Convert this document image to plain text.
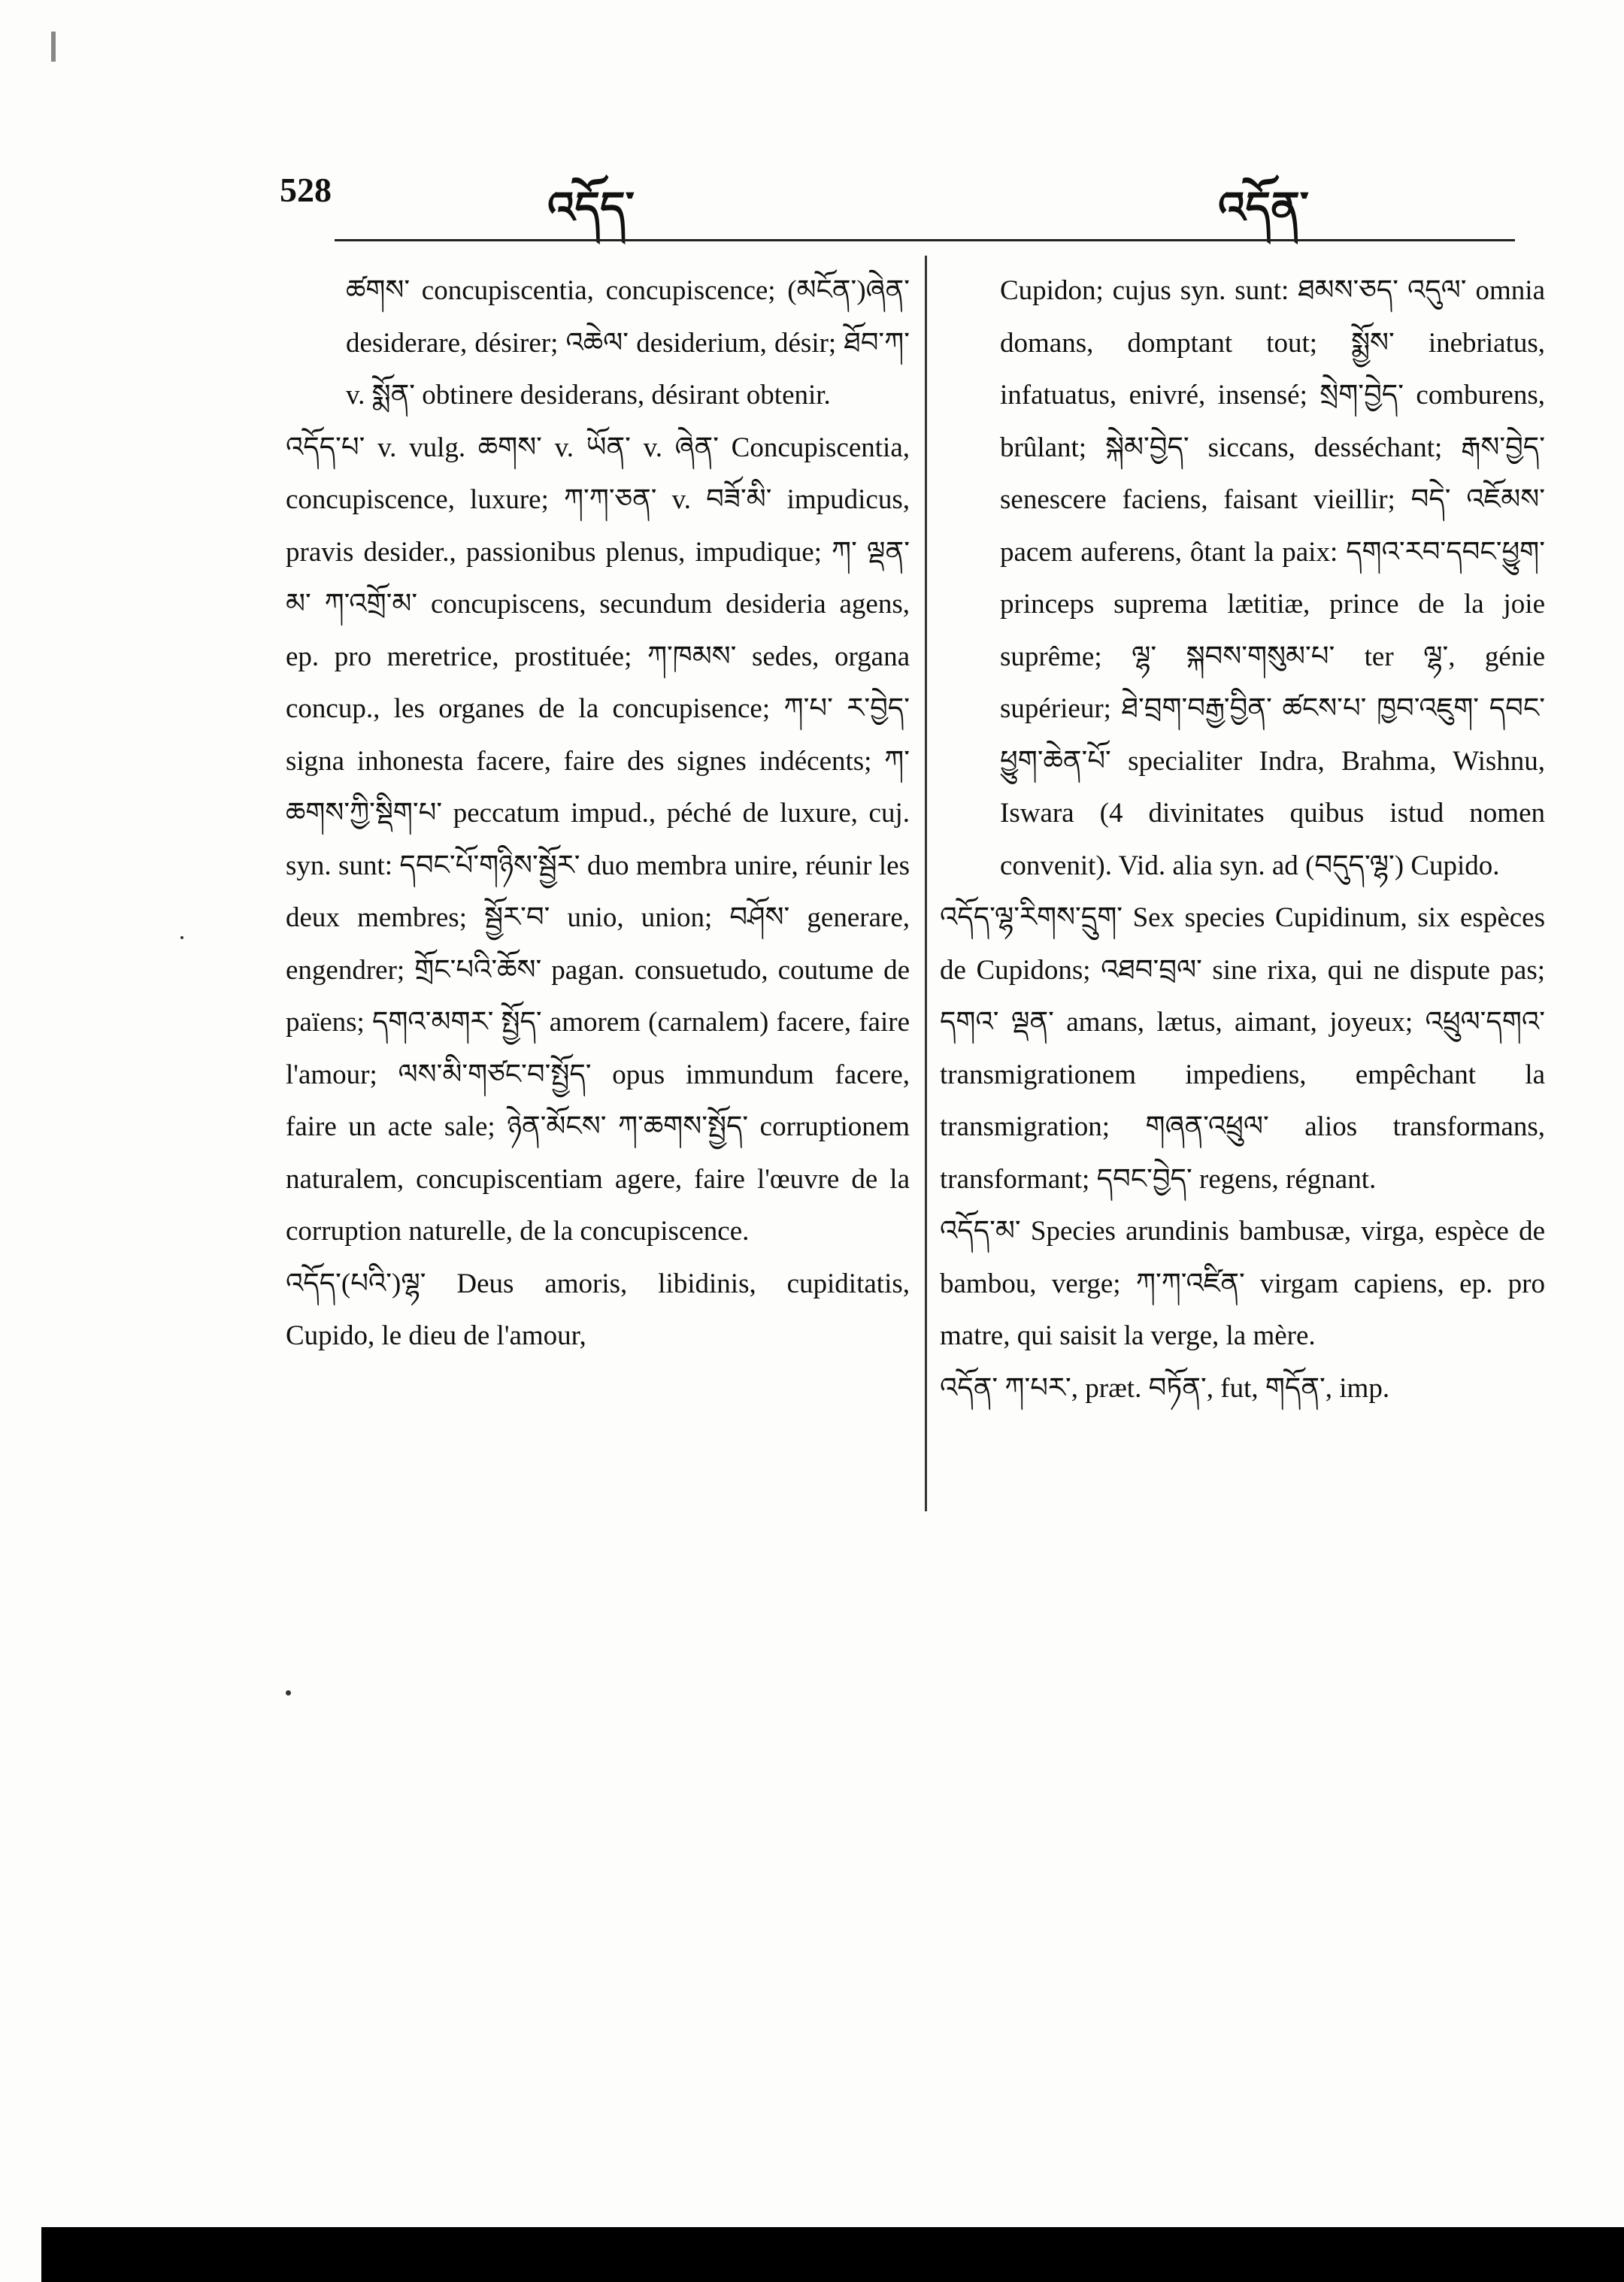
528	འདོད་	འདོན་

ཚགས་ concupiscentia, concupiscence; (མངོན་)ཞེན་ desiderare, désirer; འཆེལ་ desiderium, désir; ཐོབ་ཀ་ v. སྨོན་ obtinere desiderans, désirant obtenir.

འདོད་པ་ v. vulg. ཆགས་ v. ཡོན་ v. ཞེན་ Concupiscentia, concupiscence, luxure; ཀ་ཀ་ཅན་ v. བཟོ་མི་ impudicus, pravis desider., passionibus plenus, impudique; ཀ་ ལྡན་མ་ ཀ་འགྲོ་མ་ concupiscens, secundum desideria agens, ep. pro meretrice, prostituée; ཀ་ཁམས་ sedes, organa concup., les organes de la concupisence; ཀ་པ་ ར་བྱེད་ signa inhonesta facere, faire des signes indécents; ཀ་ཆགས་ཀྱི་སྡིག་པ་ peccatum impud., péché de luxure, cuj. syn. sunt: དབང་པོ་གཉིས་སྦྱོར་ duo membra unire, réunir les deux membres; སྦྱོར་བ་ unio, union; བཤོས་ generare, engendrer; གྲོང་པའི་ཆོས་ pagan. consuetudo, coutume de païens; དགའ་མགར་ སྤྱོད་ amorem (carnalem) facere, faire l'amour; ལས་མི་གཙང་བ་སྤྱོད་ opus immundum facere, faire un acte sale; ཉེན་མོངས་ ཀ་ཆགས་སྤྱོད་ corruptionem naturalem, concupiscentiam agere, faire l'œuvre de la corruption naturelle, de la concupiscence.

འདོད་(པའི་)ལྷ་ Deus amoris, libidinis, cupiditatis, Cupido, le dieu de l'amour,

Cupidon; cujus syn. sunt: ཐམས་ཅད་ འདུལ་ omnia domans, domptant tout; སྨྱོས་ inebriatus, infatuatus, enivré, insensé; སྲེག་བྱེད་ comburens, brûlant; སྐེམ་བྱེད་ siccans, desséchant; རྒས་བྱེད་ senescere faciens, faisant vieillir; བདེ་ འཇོམས་ pacem auferens, ôtant la paix: དགའ་རབ་དབང་ཕྱུག་ princeps suprema lætitiæ, prince de la joie suprême; ལྷ་ སྐབས་གསུམ་པ་ ter ལྷ་, génie supérieur; ཐེ་བྲག་བརྒྱ་བྱིན་ ཚངས་པ་ ཁྱབ་འཇུག་ དབང་ཕྱུག་ཆེན་པོ་ specialiter Indra, Brahma, Wishnu, Iswara (4 divinitates quibus istud nomen convenit). Vid. alia syn. ad (བདུད་ལྷ་) Cupido.

འདོད་ལྷ་རིགས་དྲུག་ Sex species Cupidinum, six espèces de Cupidons; འཐབ་བྲལ་ sine rixa, qui ne dispute pas; དགའ་ ལྡན་ amans, lætus, aimant, joyeux; འཕྲུལ་དགའ་ transmigrationem impediens, empêchant la transmigration; གཞན་འཕྲུལ་ alios transformans, transformant; དབང་བྱེད་ regens, régnant.

འདོད་མ་ Species arundinis bambusæ, virga, espèce de bambou, verge; ཀ་ཀ་འཛིན་ virgam capiens, ep. pro matre, qui saisit la verge, la mère.

འདོན་ ཀ་པར་, præt. བཏོན་, fut, གདོན་, imp.
